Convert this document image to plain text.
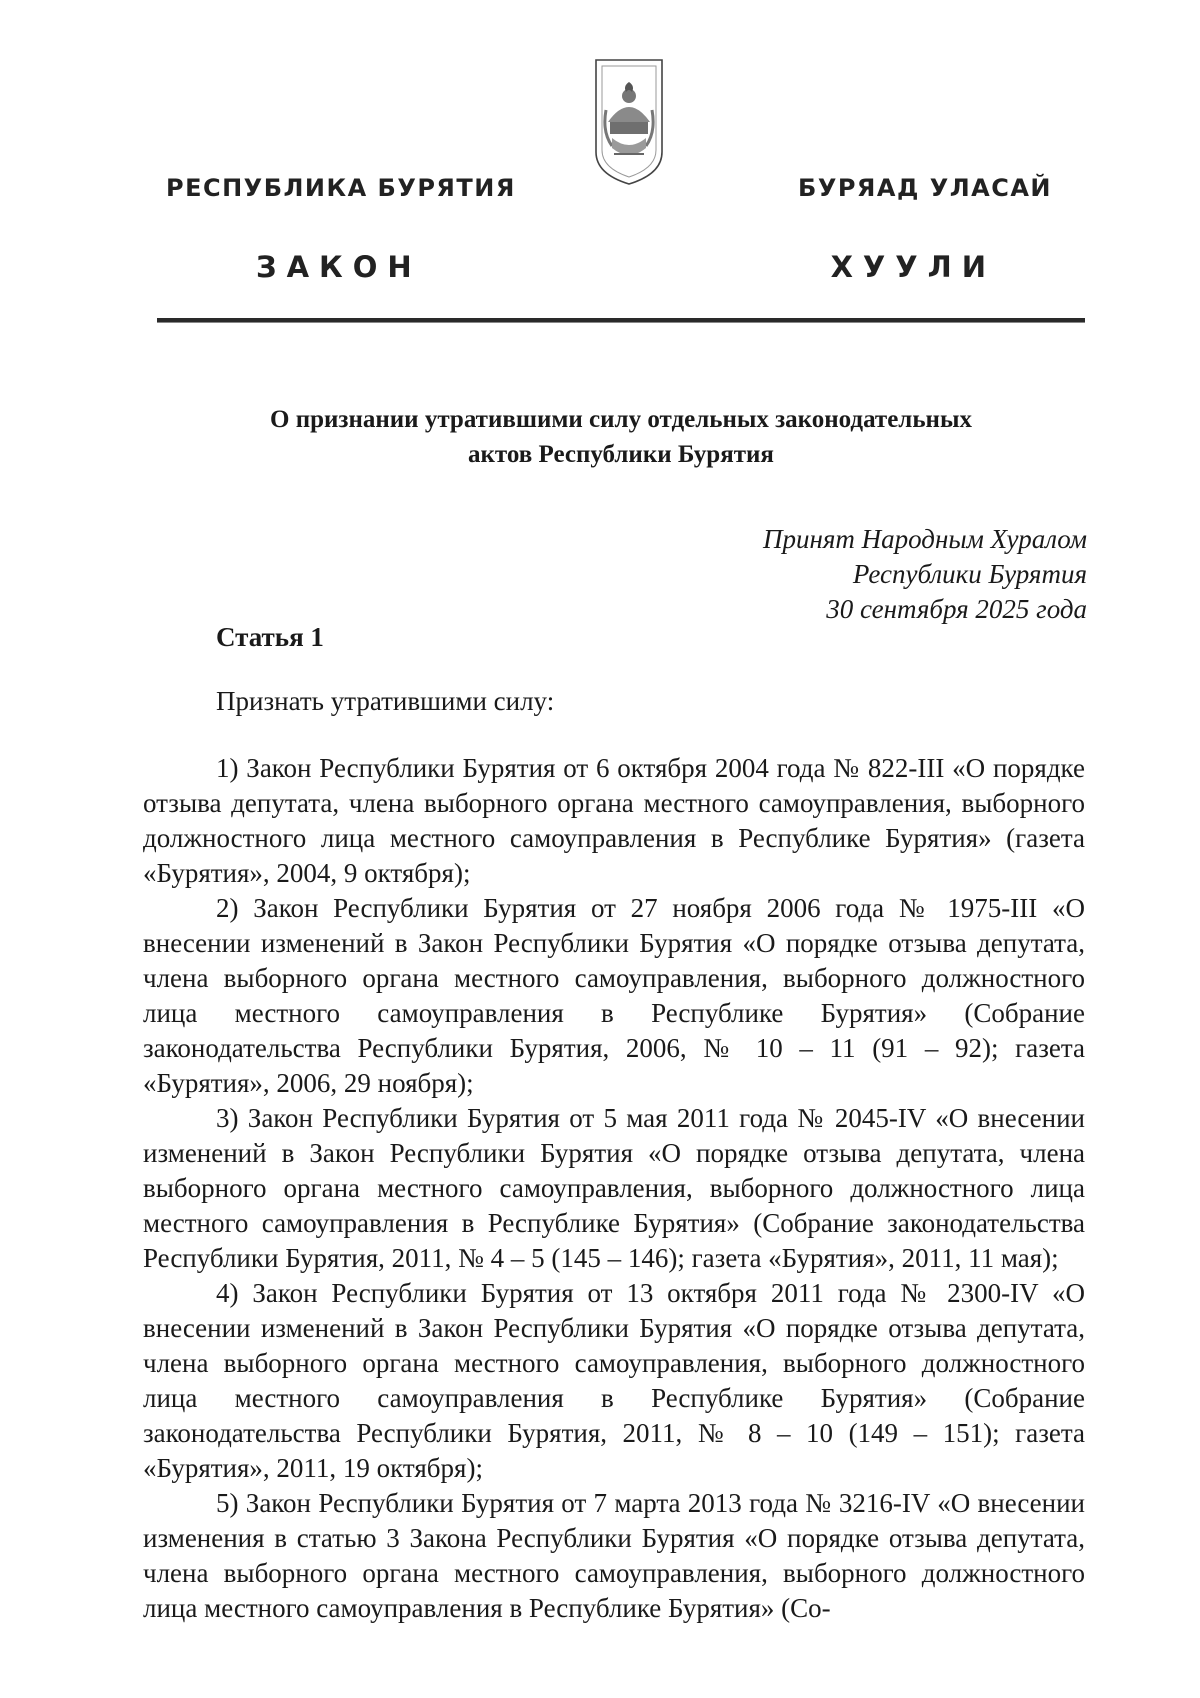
РЕСПУБЛИКА БУРЯТИЯ	БУРЯАД УЛАСАЙ
ЗАКОН	ХУУЛИ
О признании утратившими силу отдельных законодательных
актов Республики Бурятия
Принят Народным Хуралом
Республики Бурятия
30 сентября 2025 года
Статья 1
Признать утратившими силу:

1) Закон Республики Бурятия от 6 октября 2004 года № 822-III «О порядке отзыва депутата, члена выборного органа местного самоуправления, выборного должностного лица местного самоуправления в Республике Бурятия» (газета «Бурятия», 2004, 9 октября);

2) Закон Республики Бурятия от 27 ноября 2006 года № 1975-III «О внесении изменений в Закон Республики Бурятия «О порядке отзыва депутата, члена выборного органа местного самоуправления, выборного должностного лица местного самоуправления в Республике Бурятия» (Собрание законодательства Республики Бурятия, 2006, № 10 – 11 (91 – 92); газета «Бурятия», 2006, 29 ноября);

3) Закон Республики Бурятия от 5 мая 2011 года № 2045-IV «О внесении изменений в Закон Республики Бурятия «О порядке отзыва депутата, члена выборного органа местного самоуправления, выборного должностного лица местного самоуправления в Республике Бурятия» (Собрание законодательства Республики Бурятия, 2011, № 4 – 5 (145 – 146); газета «Бурятия», 2011, 11 мая);

4) Закон Республики Бурятия от 13 октября 2011 года № 2300-IV «О внесении изменений в Закон Республики Бурятия «О порядке отзыва депутата, члена выборного органа местного самоуправления, выборного должностного лица местного самоуправления в Республике Бурятия» (Собрание законодательства Республики Бурятия, 2011, № 8 – 10 (149 – 151); газета «Бурятия», 2011, 19 октября);

5) Закон Республики Бурятия от 7 марта 2013 года № 3216-IV «О внесении изменения в статью 3 Закона Республики Бурятия «О порядке отзыва депутата, члена выборного органа местного самоуправления, выборного должностного лица местного самоуправления в Республике Бурятия» (Со-
